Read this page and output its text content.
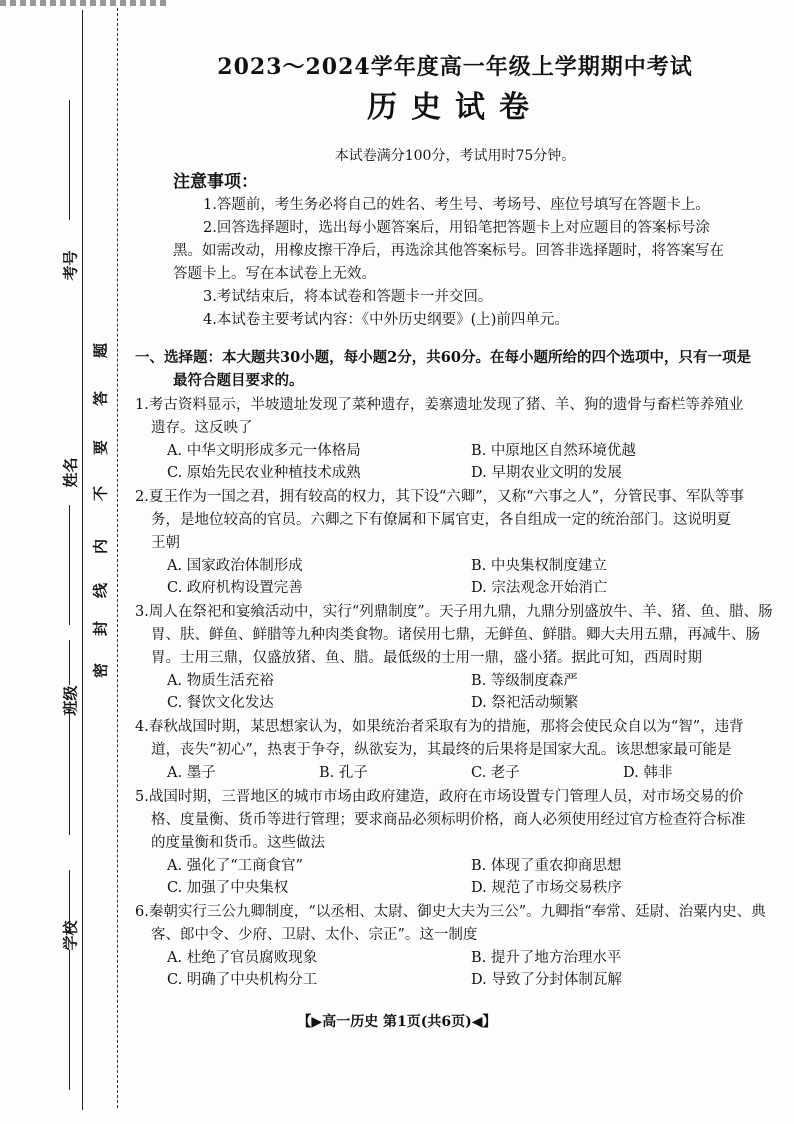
考号
姓名
班级
学校
密
封
线
内
不
要
答
题
2023～2024学年度高一年级上学期期中考试
历史试卷
本试卷满分100分，考试用时75分钟。
注意事项：

1.答题前，考生务必将自己的姓名、考生号、考场号、座位号填写在答题卡上。

2.回答选择题时，选出每小题答案后，用铅笔把答题卡上对应题目的答案标号涂

黑。如需改动，用橡皮擦干净后，再选涂其他答案标号。回答非选择题时，将答案写在

答题卡上。写在本试卷上无效。

3.考试结束后，将本试卷和答题卡一并交回。

4.本试卷主要考试内容：《中外历史纲要》(上)前四单元。

一、选择题：本大题共30小题，每小题2分，共60分。在每小题所给的四个选项中，只有一项是
最符合题目要求的。

1.考古资料显示，半坡遗址发现了菜种遗存，姜寨遗址发现了猪、羊、狗的遗骨与畜栏等养殖业
遗存。这反映了

A. 中华文明形成多元一体格局	B. 中原地区自然环境优越
C. 原始先民农业种植技术成熟	D. 早期农业文明的发展

2.夏王作为一国之君，拥有较高的权力，其下设“六卿”，又称“六事之人”，分管民事、军队等事
务，是地位较高的官员。六卿之下有僚属和下属官吏，各自组成一定的统治部门。这说明夏
王朝

A. 国家政治体制形成	B. 中央集权制度建立
C. 政府机构设置完善	D. 宗法观念开始消亡

3.周人在祭祀和宴飨活动中，实行“列鼎制度”。天子用九鼎，九鼎分别盛放牛、羊、猪、鱼、腊、肠
胃、肤、鲜鱼、鲜腊等九种肉类食物。诸侯用七鼎，无鲜鱼、鲜腊。卿大夫用五鼎，再减牛、肠
胃。士用三鼎，仅盛放猪、鱼、腊。最低级的士用一鼎，盛小猪。据此可知，西周时期

A. 物质生活充裕	B. 等级制度森严
C. 餐饮文化发达	D. 祭祀活动频繁

4.春秋战国时期，某思想家认为，如果统治者采取有为的措施，那将会使民众自以为“智”，违背
道，丧失“初心”，热衷于争夺，纵欲妄为，其最终的后果将是国家大乱。该思想家最可能是

A. 墨子	B. 孔子	C. 老子	D. 韩非

5.战国时期，三晋地区的城市市场由政府建造，政府在市场设置专门管理人员，对市场交易的价
格、度量衡、货币等进行管理；要求商品必须标明价格，商人必须使用经过官方检查符合标准
的度量衡和货币。这些做法

A. 强化了“工商食官”	B. 体现了重农抑商思想
C. 加强了中央集权	D. 规范了市场交易秩序

6.秦朝实行三公九卿制度，“以丞相、太尉、御史大夫为三公”。九卿指“奉常、廷尉、治粟内史、典
客、郎中令、少府、卫尉、太仆、宗正”。这一制度

A. 杜绝了官员腐败现象	B. 提升了地方治理水平
C. 明确了中央机构分工	D. 导致了分封体制瓦解
【▶高一历史 第1页(共6页)◀】
